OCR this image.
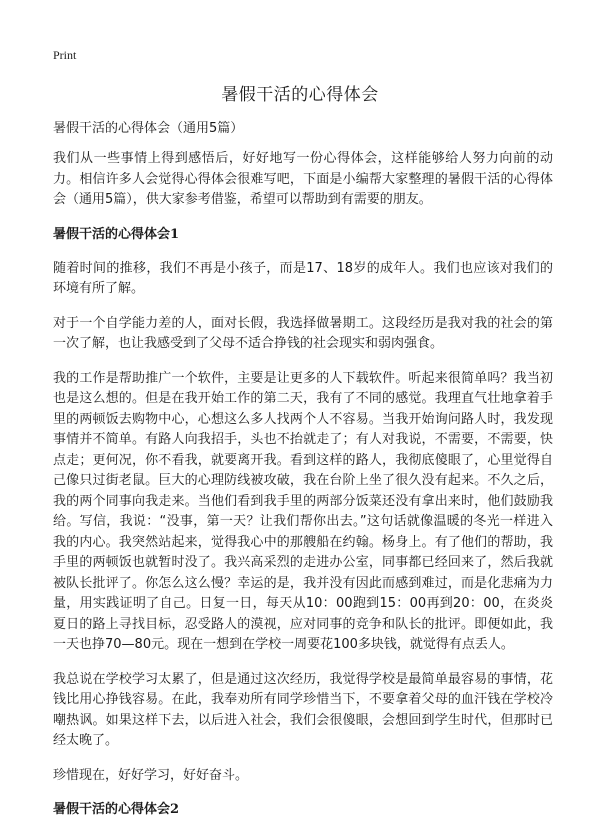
Print
暑假干活的心得体会

暑假干活的心得体会（通用5篇）

我们从一些事情上得到感悟后，好好地写一份心得体会，这样能够给人努力向前的动力。相信许多人会觉得心得体会很难写吧，下面是小编帮大家整理的暑假干活的心得体会（通用5篇），供大家参考借鉴，希望可以帮助到有需要的朋友。

暑假干活的心得体会1

随着时间的推移，我们不再是小孩子，而是17、18岁的成年人。我们也应该对我们的环境有所了解。

对于一个自学能力差的人，面对长假，我选择做暑期工。这段经历是我对我的社会的第一次了解，也让我感受到了父母不适合挣钱的社会现实和弱肉强食。

我的工作是帮助推广一个软件，主要是让更多的人下载软件。听起来很简单吗？我当初也是这么想的。但是在我开始工作的第二天，我有了不同的感觉。我理直气壮地拿着手里的两顿饭去购物中心，心想这么多人找两个人不容易。当我开始询问路人时，我发现事情并不简单。有路人向我招手，头也不抬就走了；有人对我说，不需要，不需要，快点走；更何况，你不看我，就要离开我。看到这样的路人，我彻底傻眼了，心里觉得自己像只过街老鼠。巨大的心理防线被攻破，我在台阶上坐了很久没有起来。不久之后，我的两个同事向我走来。当他们看到我手里的两部分饭菜还没有拿出来时，他们鼓励我给。写信，我说：“没事，第一天？让我们帮你出去。”这句话就像温暖的冬光一样进入我的内心。我突然站起来，觉得我心中的那艘船在约翰。杨身上。有了他们的帮助，我手里的两顿饭也就暂时没了。我兴高采烈的走进办公室，同事都已经回来了，然后我就被队长批评了。你怎么这么慢？幸运的是，我并没有因此而感到难过，而是化悲痛为力量，用实践证明了自己。日复一日，每天从10：00跑到15：00再到20：00，在炎炎夏日的路上寻找目标，忍受路人的漠视，应对同事的竞争和队长的批评。即便如此，我一天也挣70—80元。现在一想到在学校一周要花100多块钱，就觉得有点丢人。

我总说在学校学习太累了，但是通过这次经历，我觉得学校是最简单最容易的事情，花钱比用心挣钱容易。在此，我奉劝所有同学珍惜当下，不要拿着父母的血汗钱在学校冷嘲热讽。如果这样下去，以后进入社会，我们会很傻眼，会想回到学生时代，但那时已经太晚了。

珍惜现在，好好学习，好好奋斗。

暑假干活的心得体会2
